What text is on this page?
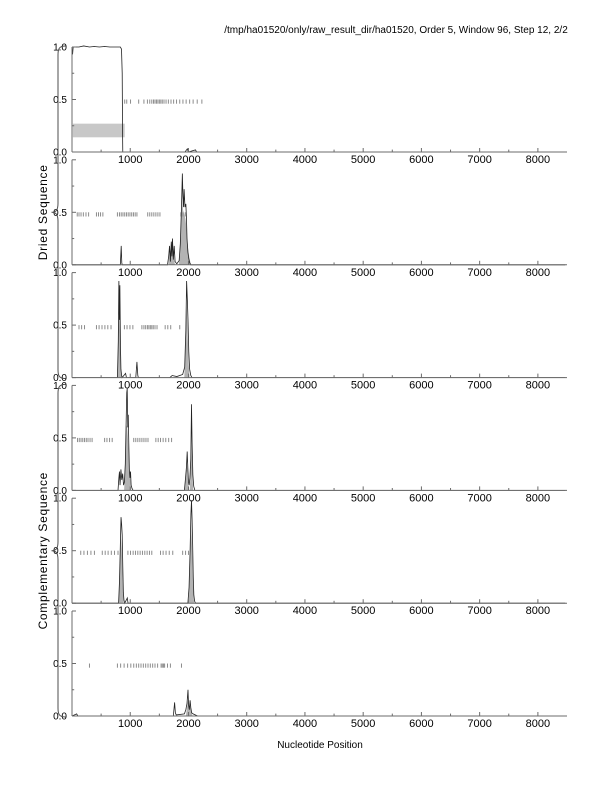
/tmp/ha01520/only/raw_result_dir/ha01520, Order 5, Window 96, Step 12, 2/2
0.0
0.5
1.0
1000	2000	3000	4000	5000	6000	7000	8000
0.0
0.5
1.0
1000	2000	3000	4000	5000	6000	7000	8000
0.0
0.5
1.0
1000	2000	3000	4000	5000	6000	7000	8000
0.0
0.5
1.0
1000	2000	3000	4000	5000	6000	7000	8000
0.0
0.5
1.0
1000	2000	3000	4000	5000	6000	7000	8000
0.0
0.5
1.0
1000	2000	3000	4000	5000	6000	7000	8000
Dried Sequence
Complementary Sequence
Nucleotide Position
